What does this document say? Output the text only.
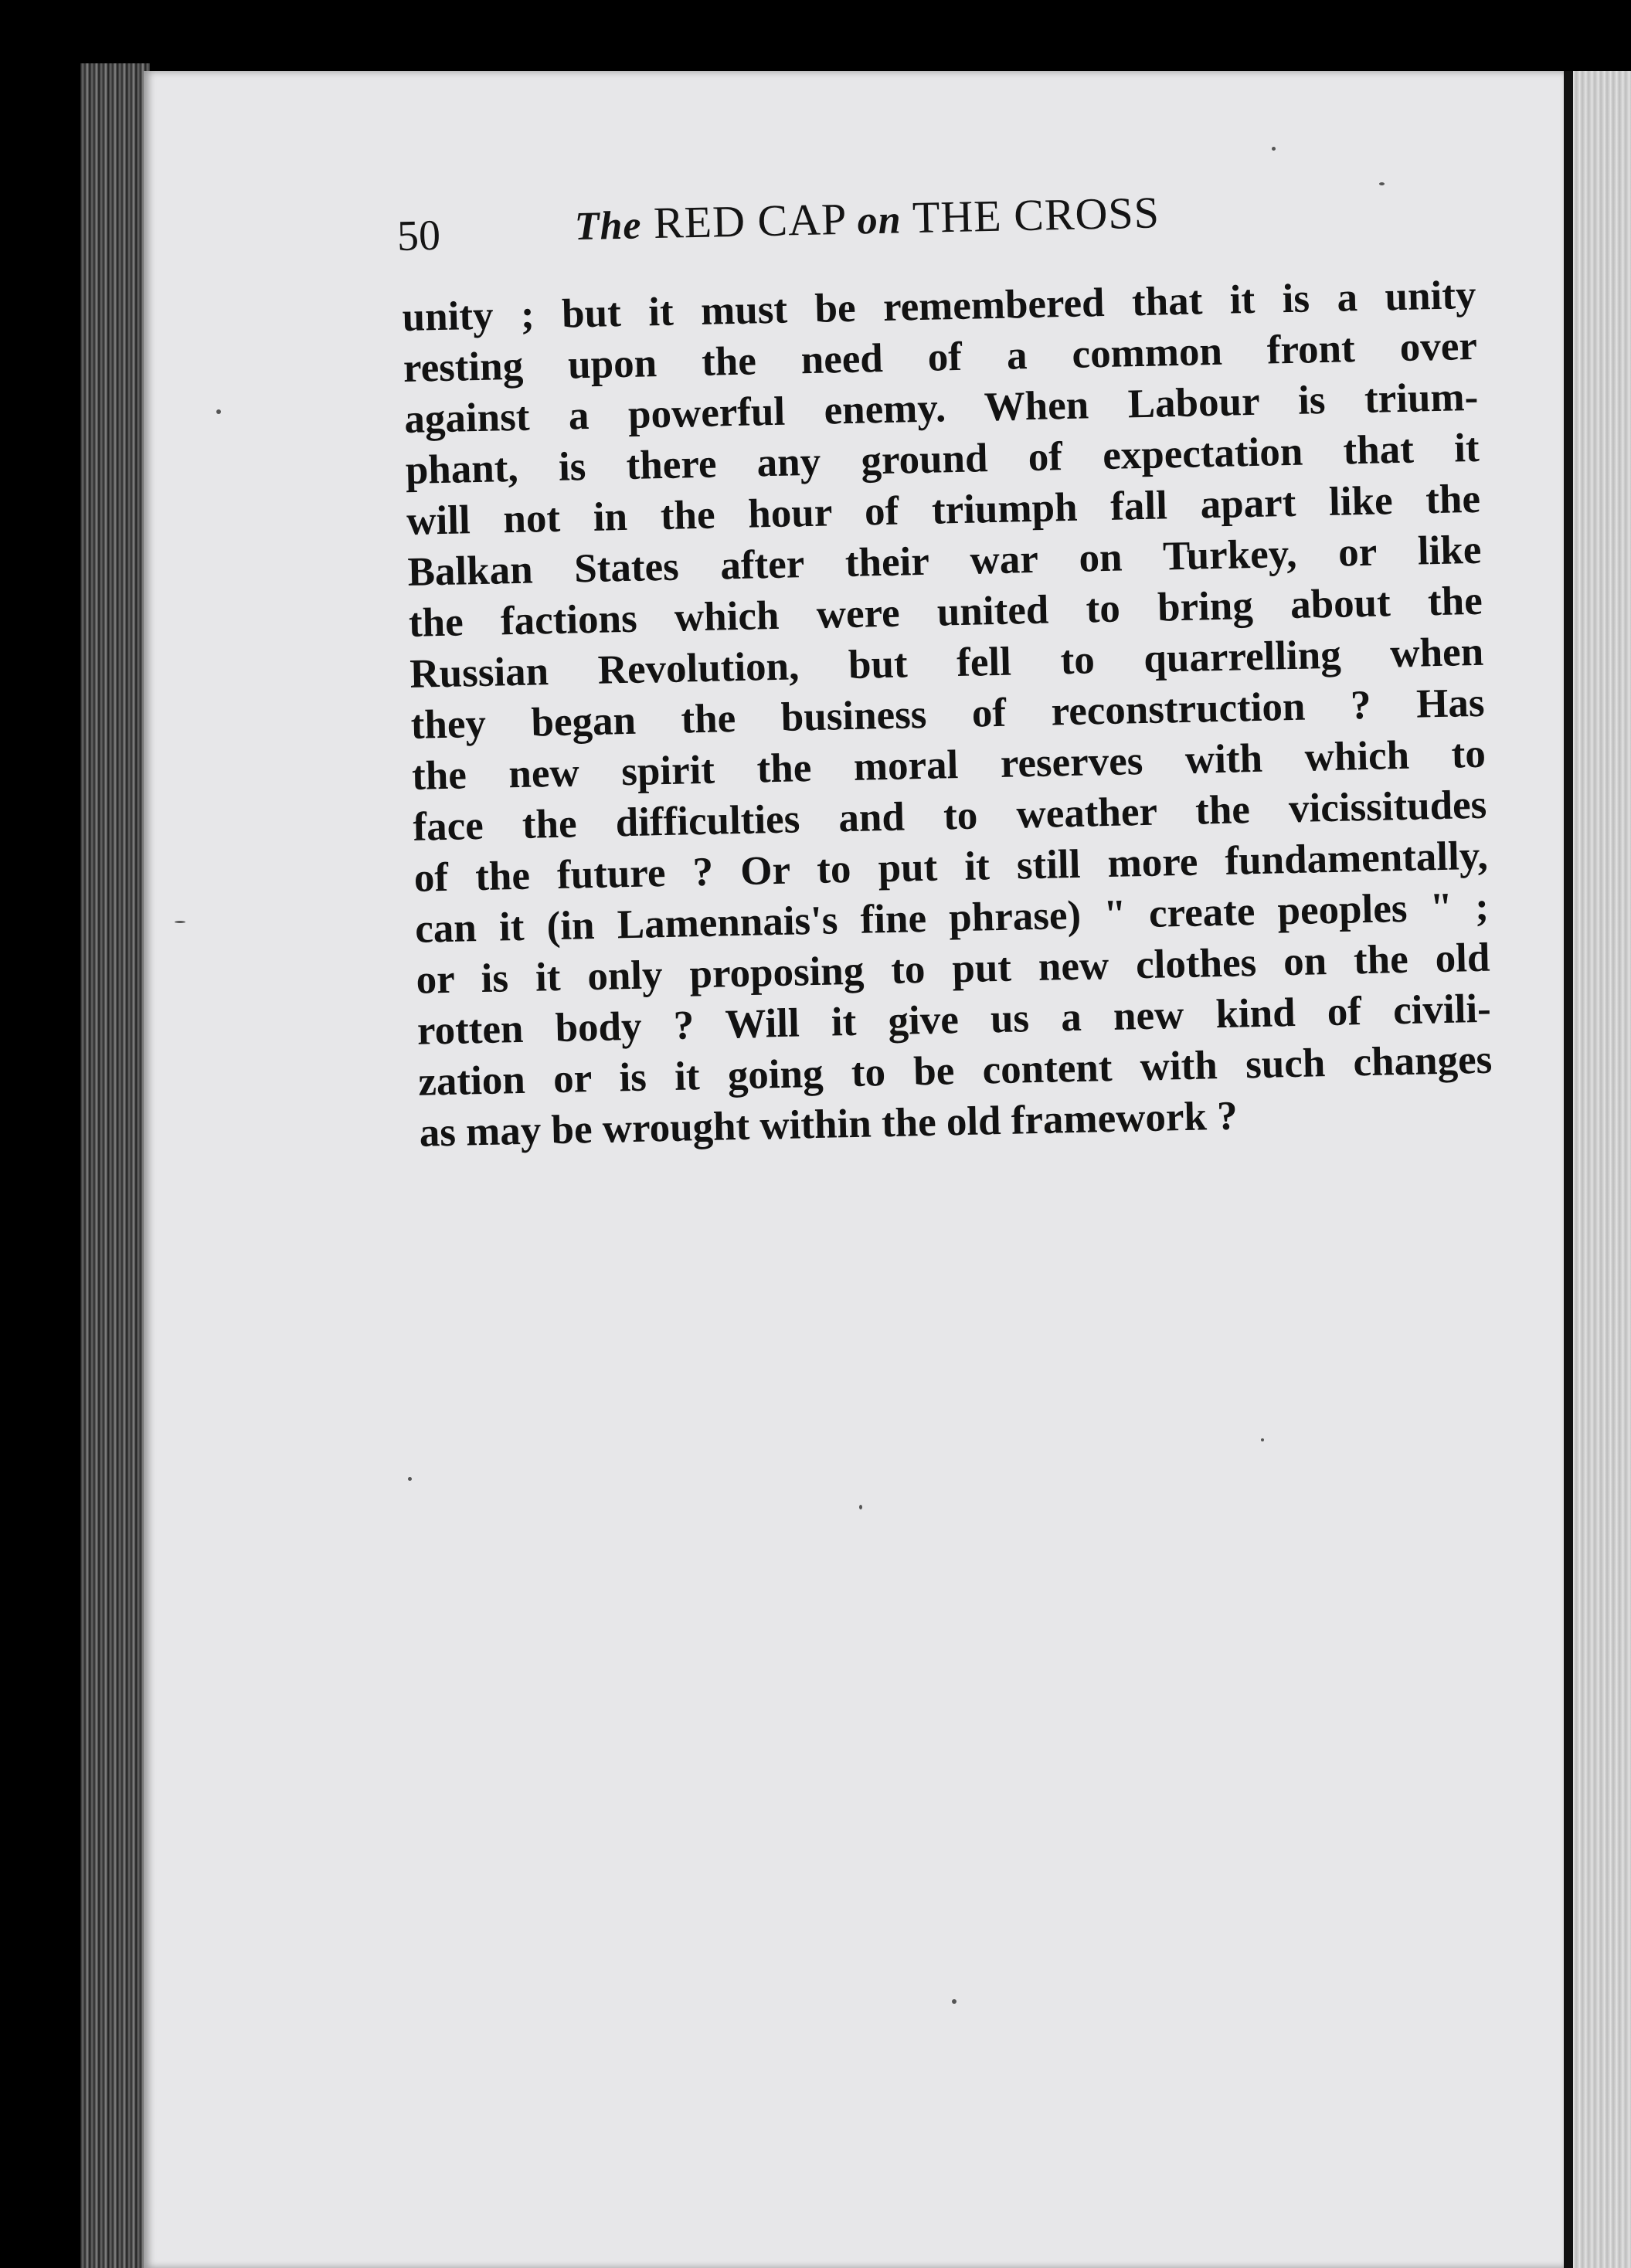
50	The RED CAP on THE CROSS
unity ; but it must be remembered that it is a unity
resting upon the need of a common front over
against a powerful enemy. When Labour is trium-
phant, is there any ground of expectation that it
will not in the hour of triumph fall apart like the
Balkan States after their war on Turkey, or like
the factions which were united to bring about the
Russian Revolution, but fell to quarrelling when
they began the business of reconstruction ? Has
the new spirit the moral reserves with which to
face the difficulties and to weather the vicissitudes
of the future ? Or to put it still more fundamentally,
can it (in Lamennais's fine phrase) " create peoples " ;
or is it only proposing to put new clothes on the old
rotten body ? Will it give us a new kind of civili-
zation or is it going to be content with such changes
as may be wrought within the old framework ?
